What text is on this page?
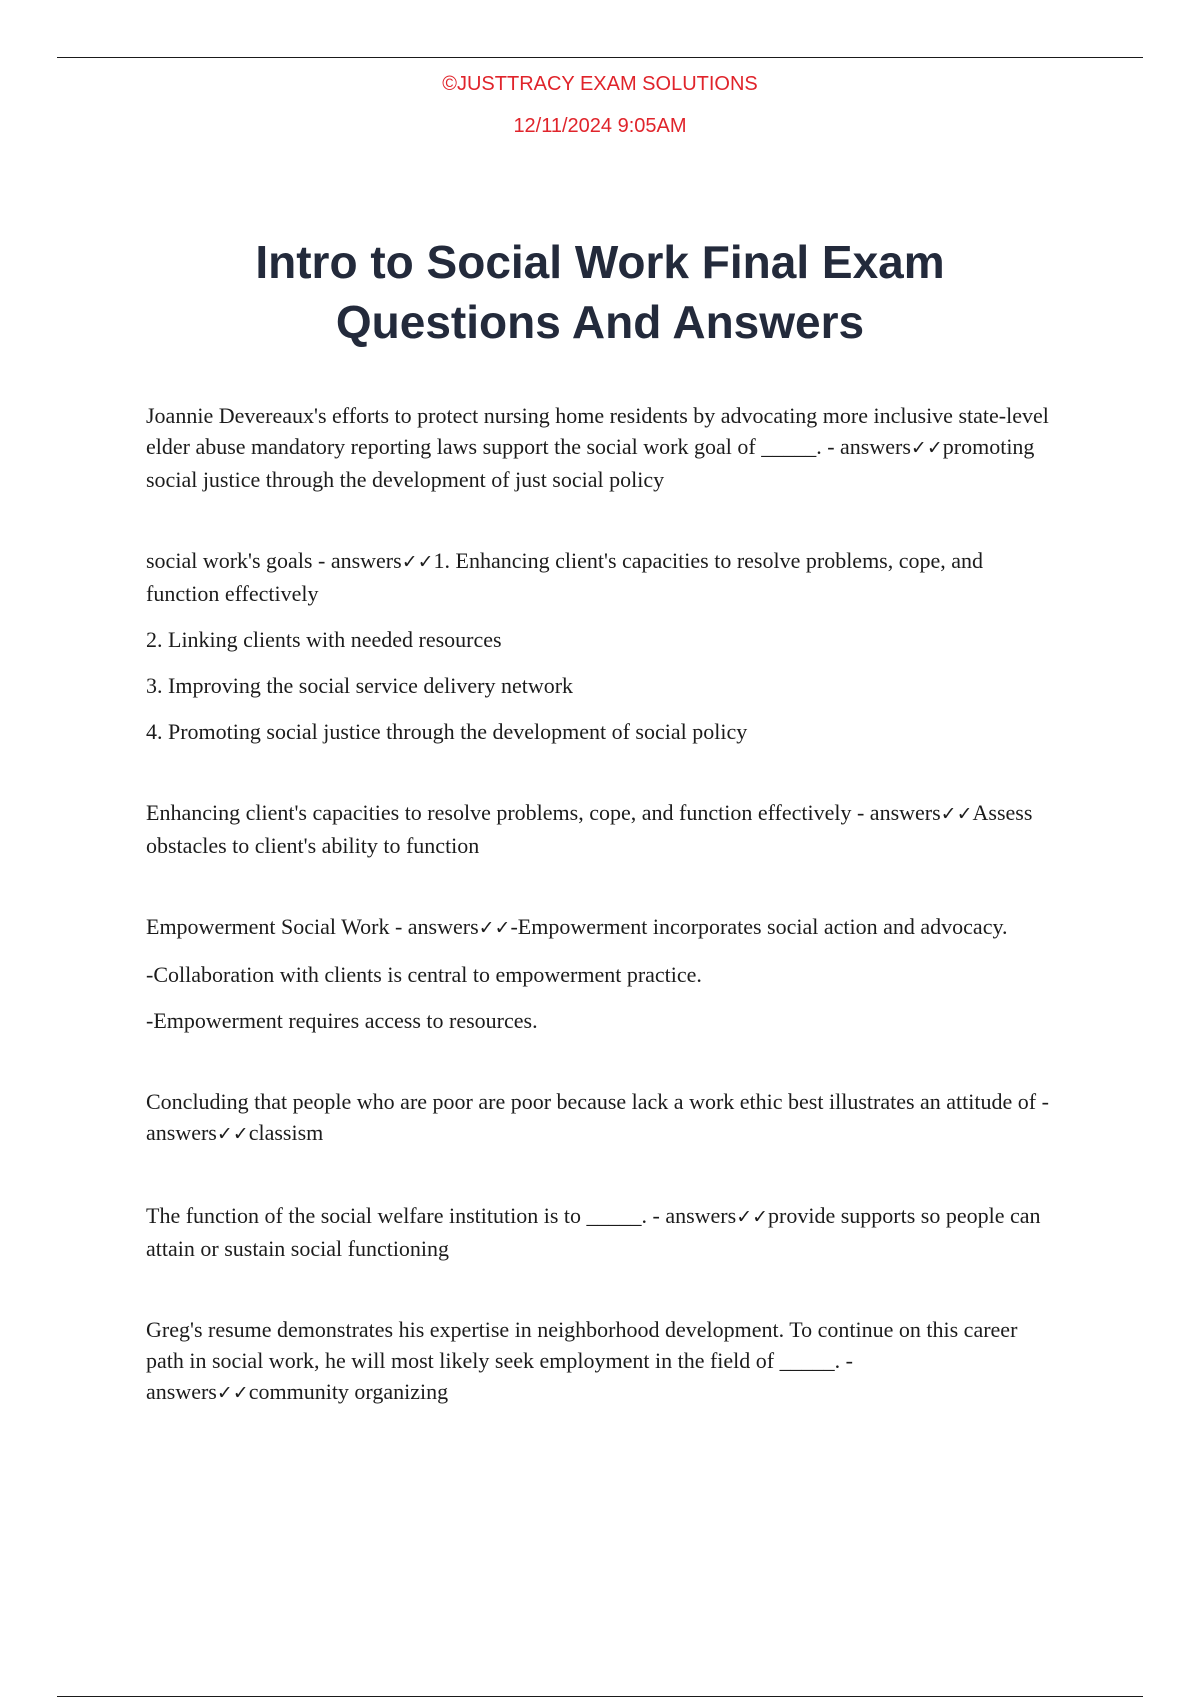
©JUSTTRACY EXAM SOLUTIONS
12/11/2024 9:05AM
Intro to Social Work Final Exam
Questions And Answers

Joannie Devereaux's efforts to protect nursing home residents by advocating more inclusive state-level elder abuse mandatory reporting laws support the social work goal of _____. - answers✓✓promoting social justice through the development of just social policy

social work's goals - answers✓✓1. Enhancing client's capacities to resolve problems, cope, and function effectively

2. Linking clients with needed resources

3. Improving the social service delivery network

4. Promoting social justice through the development of social policy

Enhancing client's capacities to resolve problems, cope, and function effectively - answers✓✓Assess obstacles to client's ability to function

Empowerment Social Work - answers✓✓-Empowerment incorporates social action and advocacy.

-Collaboration with clients is central to empowerment practice.

-Empowerment requires access to resources.

Concluding that people who are poor are poor because lack a work ethic best illustrates an attitude of - answers✓✓classism

The function of the social welfare institution is to _____. - answers✓✓provide supports so people can attain or sustain social functioning

Greg's resume demonstrates his expertise in neighborhood development. To continue on this career path in social work, he will most likely seek employment in the field of _____. - answers✓✓community organizing
